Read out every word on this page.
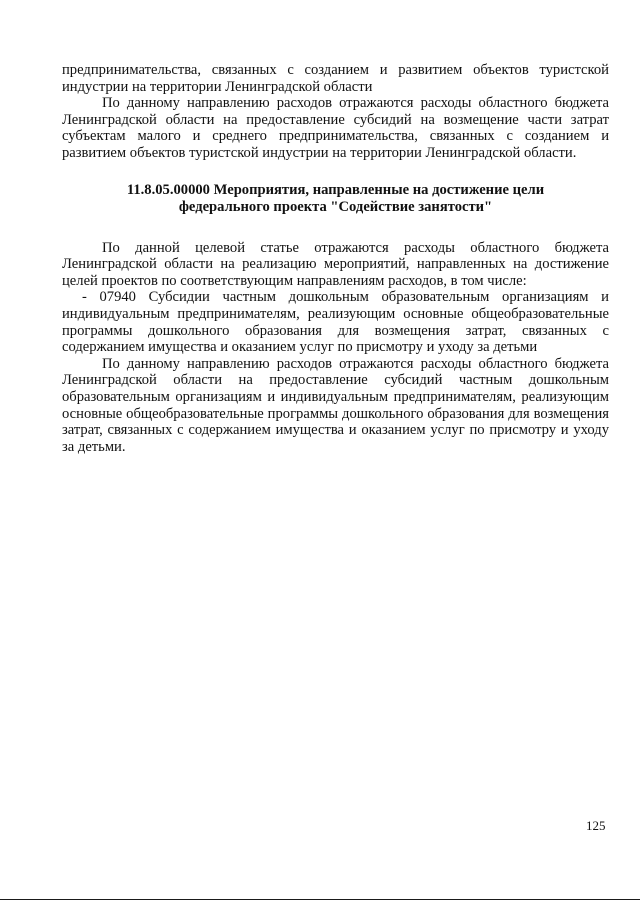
предпринимательства, связанных с созданием и развитием объектов туристской индустрии на территории Ленинградской области

По данному направлению расходов отражаются расходы областного бюджета Ленинградской области на предоставление субсидий на возмещение части затрат субъектам малого и среднего предпринимательства, связанных с созданием и развитием объектов туристской индустрии на территории Ленинградской области.

11.8.05.00000 Мероприятия, направленные на достижение цели
федерального проекта "Содействие занятости"

По данной целевой статье отражаются расходы областного бюджета Ленинградской области на реализацию мероприятий, направленных на достижение целей проектов по соответствующим направлениям расходов, в том числе:

- 07940 Субсидии частным дошкольным образовательным организациям и индивидуальным предпринимателям, реализующим основные общеобразовательные программы дошкольного образования для возмещения затрат, связанных с содержанием имущества и оказанием услуг по присмотру и уходу за детьми

По данному направлению расходов отражаются расходы областного бюджета Ленинградской области на предоставление субсидий частным дошкольным образовательным организациям и индивидуальным предпринимателям, реализующим основные общеобразовательные программы дошкольного образования для возмещения затрат, связанных с содержанием имущества и оказанием услуг по присмотру и уходу за детьми.

125
